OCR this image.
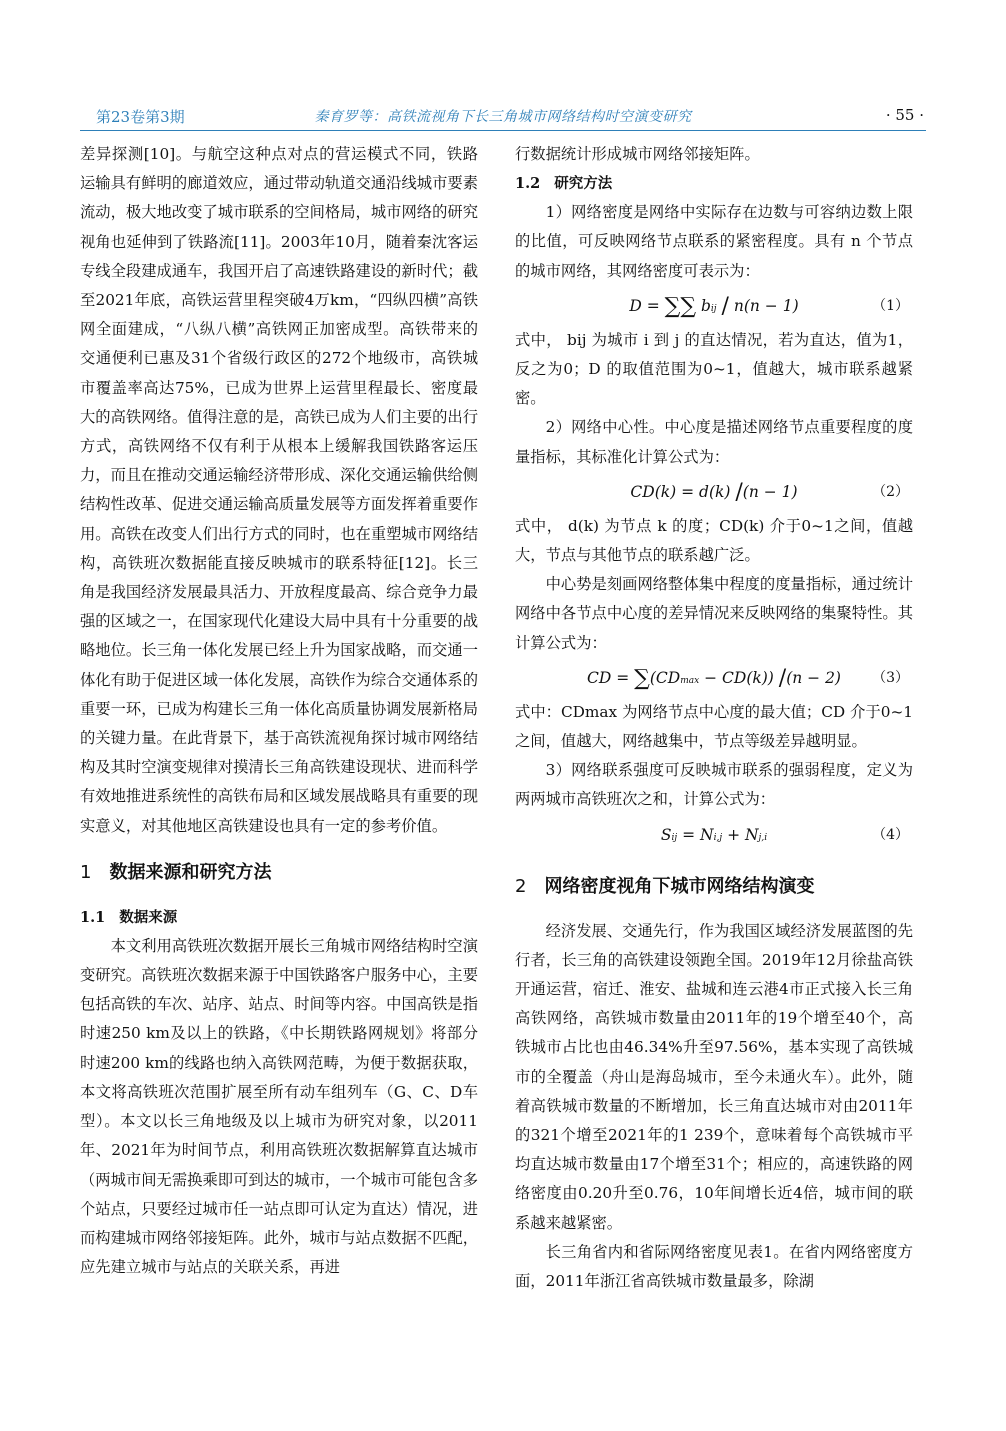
第23卷第3期	秦育罗等：高铁流视角下长三角城市网络结构时空演变研究	· 55 ·

差异探测[10]。与航空这种点对点的营运模式不同，铁路运输具有鲜明的廊道效应，通过带动轨道交通沿线城市要素流动，极大地改变了城市联系的空间格局，城市网络的研究视角也延伸到了铁路流[11]。2003年10月，随着秦沈客运专线全段建成通车，我国开启了高速铁路建设的新时代；截至2021年底，高铁运营里程突破4万km，“四纵四横”高铁网全面建成，“八纵八横”高铁网正加密成型。高铁带来的交通便利已惠及31个省级行政区的272个地级市，高铁城市覆盖率高达75%，已成为世界上运营里程最长、密度最大的高铁网络。值得注意的是，高铁已成为人们主要的出行方式，高铁网络不仅有利于从根本上缓解我国铁路客运压力，而且在推动交通运输经济带形成、深化交通运输供给侧结构性改革、促进交通运输高质量发展等方面发挥着重要作用。高铁在改变人们出行方式的同时，也在重塑城市网络结构，高铁班次数据能直接反映城市的联系特征[12]。长三角是我国经济发展最具活力、开放程度最高、综合竞争力最强的区域之一，在国家现代化建设大局中具有十分重要的战略地位。长三角一体化发展已经上升为国家战略，而交通一体化有助于促进区域一体化发展，高铁作为综合交通体系的重要一环，已成为构建长三角一体化高质量协调发展新格局的关键力量。在此背景下，基于高铁流视角探讨城市网络结构及其时空演变规律对摸清长三角高铁建设现状、进而科学有效地推进系统性的高铁布局和区域发展战略具有重要的现实意义，对其他地区高铁建设也具有一定的参考价值。

1 数据来源和研究方法
1.1 数据来源

本文利用高铁班次数据开展长三角城市网络结构时空演变研究。高铁班次数据来源于中国铁路客户服务中心，主要包括高铁的车次、站序、站点、时间等内容。中国高铁是指时速250 km及以上的铁路，《中长期铁路网规划》将部分时速200 km的线路也纳入高铁网范畴，为便于数据获取，本文将高铁班次范围扩展至所有动车组列车（G、C、D车型）。本文以长三角地级及以上城市为研究对象，以2011年、2021年为时间节点，利用高铁班次数据解算直达城市（两城市间无需换乘即可到达的城市，一个城市可能包含多个站点，只要经过城市任一站点即可认定为直达）情况，进而构建城市网络邻接矩阵。此外，城市与站点数据不匹配，应先建立城市与站点的关联关系，再进

行数据统计形成城市网络邻接矩阵。

1.2 研究方法

1）网络密度是网络中实际存在边数与可容纳边数上限的比值，可反映网络节点联系的紧密程度。具有 n 个节点的城市网络，其网络密度可表示为：

D = ∑∑ bij / n(n − 1)	（1）

式中， bij 为城市 i 到 j 的直达情况，若为直达，值为1，反之为0；D 的取值范围为0~1，值越大，城市联系越紧密。

2）网络中心性。中心度是描述网络节点重要程度的度量指标，其标准化计算公式为：

CD(k) = d(k) /(n − 1)	（2）

式中， d(k) 为节点 k 的度；CD(k) 介于0~1之间，值越大，节点与其他节点的联系越广泛。

中心势是刻画网络整体集中程度的度量指标，通过统计网络中各节点中心度的差异情况来反映网络的集聚特性。其计算公式为：

CD = ∑(CDmax − CD(k)) /(n − 2) （3）

式中：CDmax 为网络节点中心度的最大值；CD 介于0~1之间，值越大，网络越集中，节点等级差异越明显。

3）网络联系强度可反映城市联系的强弱程度，定义为两两城市高铁班次之和，计算公式为：

Sij = Ni,j + Nj,i	（4）
2 网络密度视角下城市网络结构演变

经济发展、交通先行，作为我国区域经济发展蓝图的先行者，长三角的高铁建设领跑全国。2019年12月徐盐高铁开通运营，宿迁、淮安、盐城和连云港4市正式接入长三角高铁网络，高铁城市数量由2011年的19个增至40个，高铁城市占比也由46.34%升至97.56%，基本实现了高铁城市的全覆盖（舟山是海岛城市，至今未通火车）。此外，随着高铁城市数量的不断增加，长三角直达城市对由2011年的321个增至2021年的1 239个，意味着每个高铁城市平均直达城市数量由17个增至31个；相应的，高速铁路的网络密度由0.20升至0.76，10年间增长近4倍，城市间的联系越来越紧密。

长三角省内和省际网络密度见表1。在省内网络密度方面，2011年浙江省高铁城市数量最多，除湖
